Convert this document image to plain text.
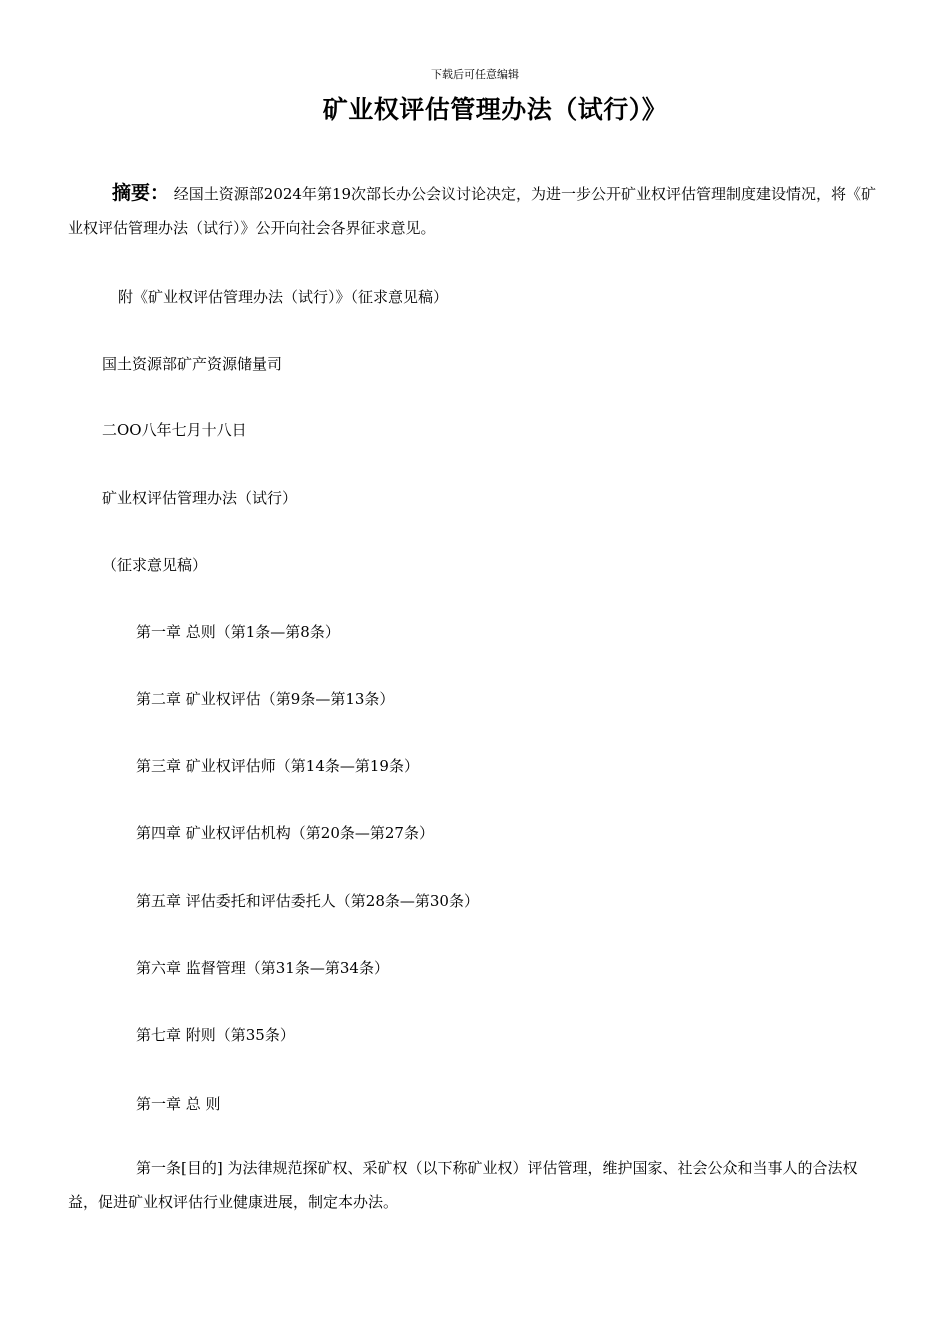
下载后可任意编辑
矿业权评估管理办法（试行）》
摘要： 经国土资源部2024年第19次部长办公会议讨论决定，为进一步公开矿业权评估管理制度建设情况，将《矿业权评估管理办法（试行）》公开向社会各界征求意见。
附《矿业权评估管理办法（试行）》（征求意见稿）
国土资源部矿产资源储量司
二OO八年七月十八日
矿业权评估管理办法（试行）
（征求意见稿）
第一章 总则（第1条—第8条）
第二章 矿业权评估（第9条—第13条）
第三章 矿业权评估师（第14条—第19条）
第四章 矿业权评估机构（第20条—第27条）
第五章 评估委托和评估委托人（第28条—第30条）
第六章 监督管理（第31条—第34条）
第七章 附则（第35条）
第一章 总 则
第一条[目的] 为法律规范探矿权、采矿权（以下称矿业权）评估管理，维护国家、社会公众和当事人的合法权益，促进矿业权评估行业健康进展，制定本办法。
